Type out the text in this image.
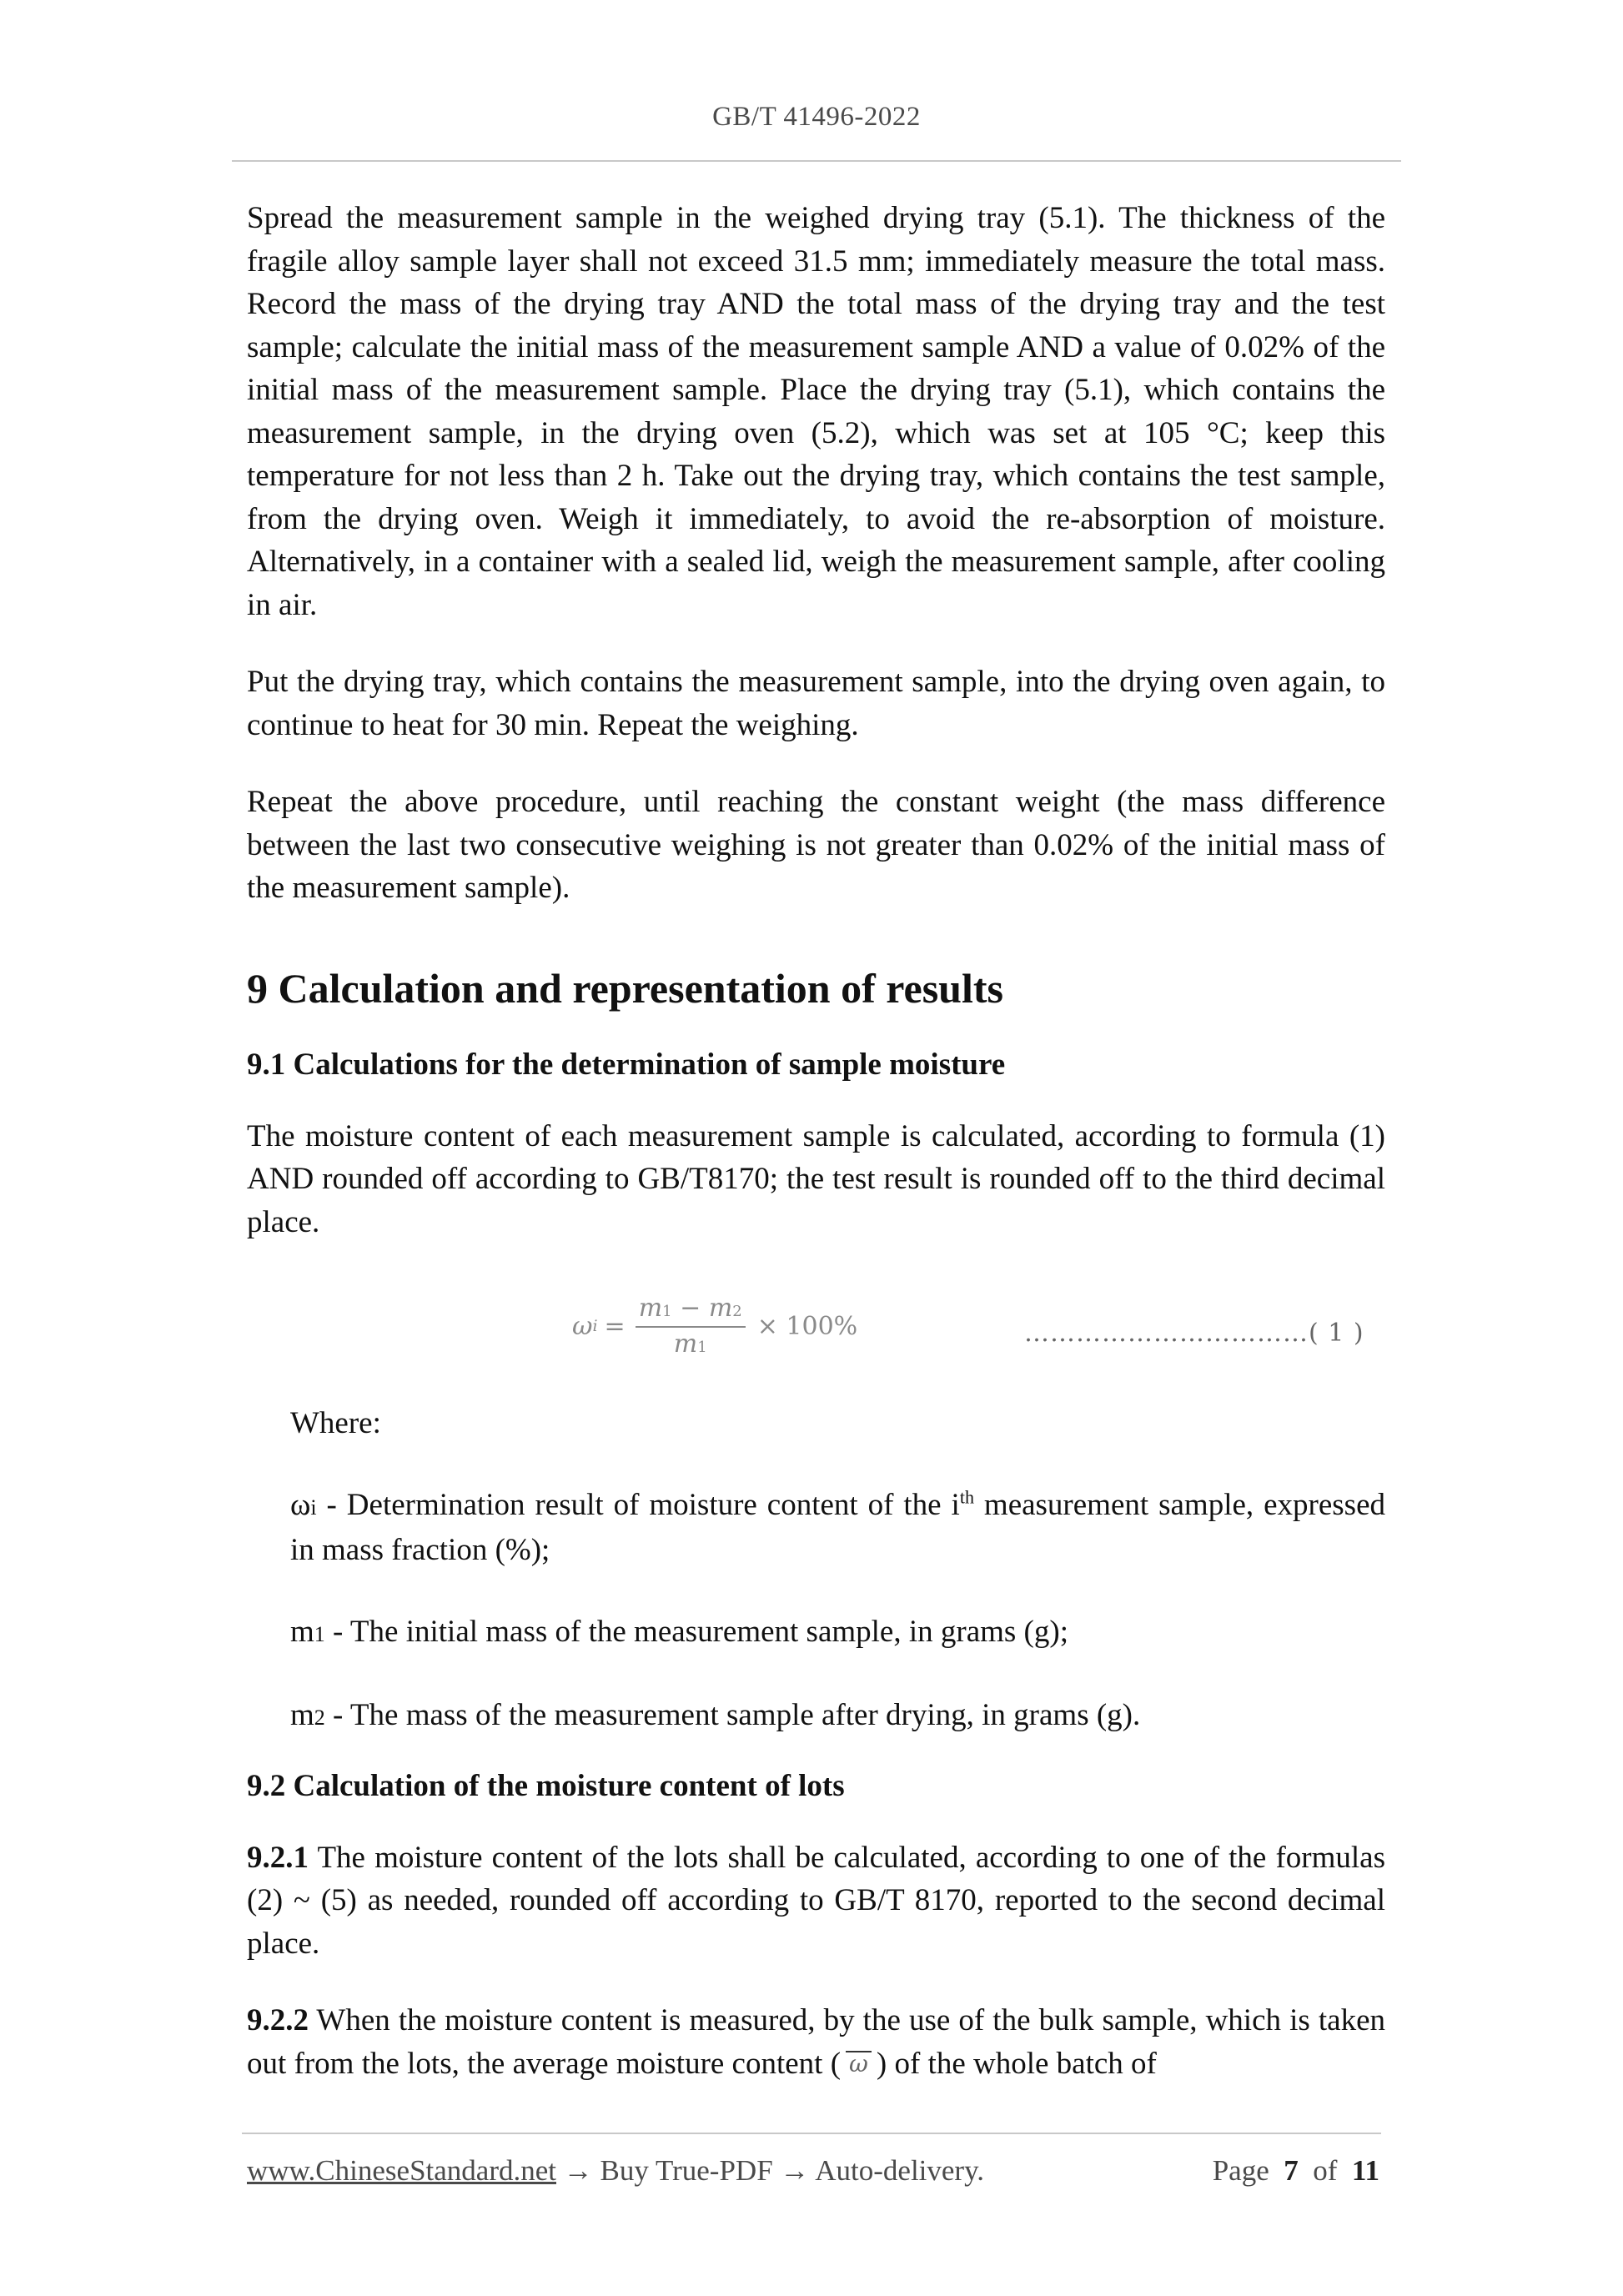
GB/T 41496-2022

Spread the measurement sample in the weighed drying tray (5.1). The thickness of the fragile alloy sample layer shall not exceed 31.5 mm; immediately measure the total mass. Record the mass of the drying tray AND the total mass of the drying tray and the test sample; calculate the initial mass of the measurement sample AND a value of 0.02% of the initial mass of the measurement sample. Place the drying tray (5.1), which contains the measurement sample, in the drying oven (5.2), which was set at 105 °C; keep this temperature for not less than 2 h. Take out the drying tray, which contains the test sample, from the drying oven. Weigh it immediately, to avoid the re-absorption of moisture. Alternatively, in a container with a sealed lid, weigh the measurement sample, after cooling in air.

Put the drying tray, which contains the measurement sample, into the drying oven again, to continue to heat for 30 min. Repeat the weighing.

Repeat the above procedure, until reaching the constant weight (the mass difference between the last two consecutive weighing is not greater than 0.02% of the initial mass of the measurement sample).

9 Calculation and representation of results
9.1 Calculations for the determination of sample moisture

The moisture content of each measurement sample is calculated, according to formula (1) AND rounded off according to GB/T8170; the test result is rounded off to the third decimal place.

ω $i = \frac{m1 - m2}{m1} \times 100\%$	……………………………( 1 )

Where:

ωi - Determination result of moisture content of the $i^{th}$ measurement sample, expressed in mass fraction (%);

m1 - The initial mass of the measurement sample, in grams (g);

m2 - The mass of the measurement sample after drying, in grams (g).

9.2 Calculation of the moisture content of lots

9.2.1 The moisture content of the lots shall be calculated, according to one of the formulas (2) ~ (5) as needed, rounded off according to GB/T 8170, reported to the second decimal place.

9.2.2 When the moisture content is measured, by the use of the bulk sample, which is taken out from the lots, the average moisture content ( ω ) of the whole batch of

www.ChineseStandard.net → Buy True-PDF → Auto-delivery.	Page 7 of 11
